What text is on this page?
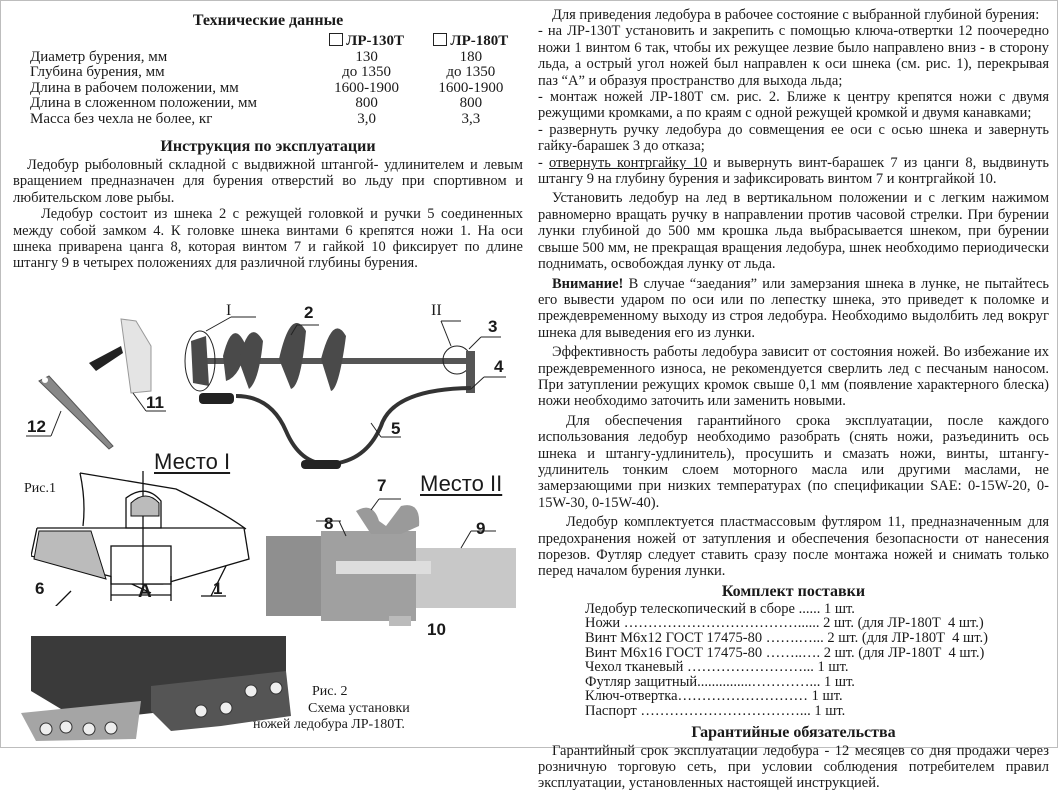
Технические данные
ЛР-130Т	ЛР-180Т
Диаметр бурения, мм	130	180
Глубина бурения, мм	до 1350	до 1350
Длина в рабочем положении, мм	1600-1900	1600-1900
Длина в сложенном положении, мм	800	800
Масса без чехла не более, кг	3,0	3,3
Инструкция по эксплуатации

Ледобур рыболовный складной с выдвижной штангой- удлинителем и левым вращением предназначен для бурения отверстий во льду при спортивном и любительском лове рыбы.

Ледобур состоит из шнека 2 с режущей головкой и ручки 5 соединенных между собой замком 4. К головке шнека винтами 6 крепятся ножи 1. На оси шнека приварена цанга 8, которая винтом 7 и гайкой 10 фиксирует по длине штангу 9 в четырех положениях для различной глубины бурения.

I	2	II
3
4
5
11
12
Место I
Рис.1
6	A	1
Место II
7
8	9
10
Рис. 2
Схема установки
ножей ледобура ЛР-180Т.

Для приведения ледобура в рабочее состояние с выбранной глубиной бурения:

- на ЛР-130Т установить и закрепить с помощью ключа-отвертки 12 поочередно ножи 1 винтом 6 так, чтобы их режущее лезвие было направлено вниз - в сторону льда, а острый угол ножей был направлен к оси шнека (см. рис. 1), перекрывая паз “А” и образуя пространство для выхода льда;

- монтаж ножей ЛР-180Т см. рис. 2. Ближе к центру крепятся ножи с двумя режущими кромками, а по краям с одной режущей кромкой и двумя канавками;

- развернуть ручку ледобура до совмещения ее оси с осью шнека и завернуть гайку-барашек 3 до отказа;

- отвернуть контргайку 10 и вывернуть винт-барашек 7 из цанги 8, выдвинуть штангу 9 на глубину бурения и зафиксировать винтом 7 и контргайкой 10.

Установить ледобур на лед в вертикальном положении и с легким нажимом равномерно вращать ручку в направлении против часовой стрелки. При бурении лунки глубиной до 500 мм крошка льда выбрасывается шнеком, при бурении свыше 500 мм, не прекращая вращения ледобура, шнек необходимо периодически поднимать, освобождая лунку от льда.

Внимание! В случае “заедания” или замерзания шнека в лунке, не пытайтесь его вывести ударом по оси или по лепестку шнека, это приведет к поломке и преждевременному выходу из строя ледобура. Необходимо выдолбить лед вокруг шнека для выведения его из лунки.

Эффективность работы ледобура зависит от состояния ножей. Во избежание их преждевременного износа, не рекомендуется сверлить лед с песчаным наносом. При затуплении режущих кромок свыше 0,1 мм (появление характерного блеска) ножи необходимо заточить или заменить новыми.

Для обеспечения гарантийного срока эксплуатации, после каждого использования ледобур необходимо разобрать (снять ножи, разъединить ось шнека и штангу-удлинитель), просушить и смазать ножи, винты, штангу-удлинитель тонким слоем моторного масла или другими маслами, не замерзающими при низких температурах (по спецификации SAE: 0-15W-20, 0-15W-30, 0-15W-40).

Ледобур комплектуется пластмассовым футляром 11, предназначенным для предохранения ножей от затупления и обеспечения безопасности от нанесения порезов. Футляр следует ставить сразу после монтажа ножей и снимать только перед началом бурения лунки.

Комплект поставки
Ледобур телескопический в сборе ...... 1 шт.
Ножи ………………………………...... 2 шт. (для ЛР-180Т  4 шт.)
Винт М6х12 ГОСТ 17475-80 …….…... 2 шт. (для ЛР-180Т  4 шт.)
Винт М6х16 ГОСТ 17475-80 ……..…. 2 шт. (для ЛР-180Т  4 шт.)
Чехол тканевый ……………………... 1 шт.
Футляр защитный...............…………... 1 шт.
Ключ-отвертка……………………… 1 шт.
Паспорт ……………………………... 1 шт.
Гарантийные обязательства

Гарантийный срок эксплуатации ледобура - 12 месяцев со дня продажи через розничную торговую сеть, при условии соблюдения потребителем правил эксплуатации, установленных настоящей инструкцией.
